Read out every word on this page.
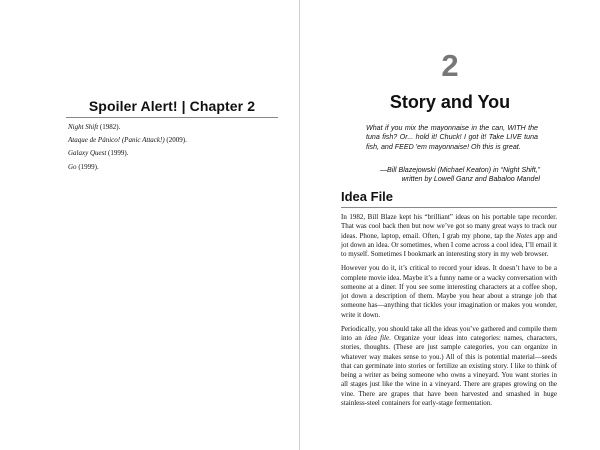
Spoiler Alert! | Chapter 2
Night Shift (1982).
Ataque de Pánico! (Panic Attack!) (2009).
Galaxy Quest (1999).
Go (1999).
2
Story and You
What if you mix the mayonnaise in the can, WITH the tuna fish? Or... hold it! Chuck! I got it! Take LIVE tuna fish, and FEED 'em mayonnaise! Oh this is great.
—Bill Blazejowski (Michael Keaton) in “Night Shift,”
written by Lowell Ganz and Babaloo Mandel
Idea File

In 1982, Bill Blaze kept his “brilliant” ideas on his portable tape recorder. That was cool back then but now we’ve got so many great ways to track our ideas. Phone, laptop, email. Often, I grab my phone, tap the Notes app and jot down an idea. Or sometimes, when I come across a cool idea, I’ll email it to myself. Sometimes I bookmark an interesting story in my web browser.

However you do it, it’s critical to record your ideas. It doesn’t have to be a complete movie idea. Maybe it’s a funny name or a wacky conversation with someone at a diner. If you see some interesting characters at a coffee shop, jot down a description of them. Maybe you hear about a strange job that someone has—anything that tickles your imagination or makes you wonder, write it down.

Periodically, you should take all the ideas you’ve gathered and compile them into an idea file. Organize your ideas into categories: names, characters, stories, thoughts. (These are just sample categories, you can organize in whatever way makes sense to you.) All of this is potential material—seeds that can germinate into stories or fertilize an existing story. I like to think of being a writer as being someone who owns a vineyard. You want stories in all stages just like the wine in a vineyard. There are grapes growing on the vine. There are grapes that have been harvested and smashed in huge stainless-steel containers for early-stage fermentation.
